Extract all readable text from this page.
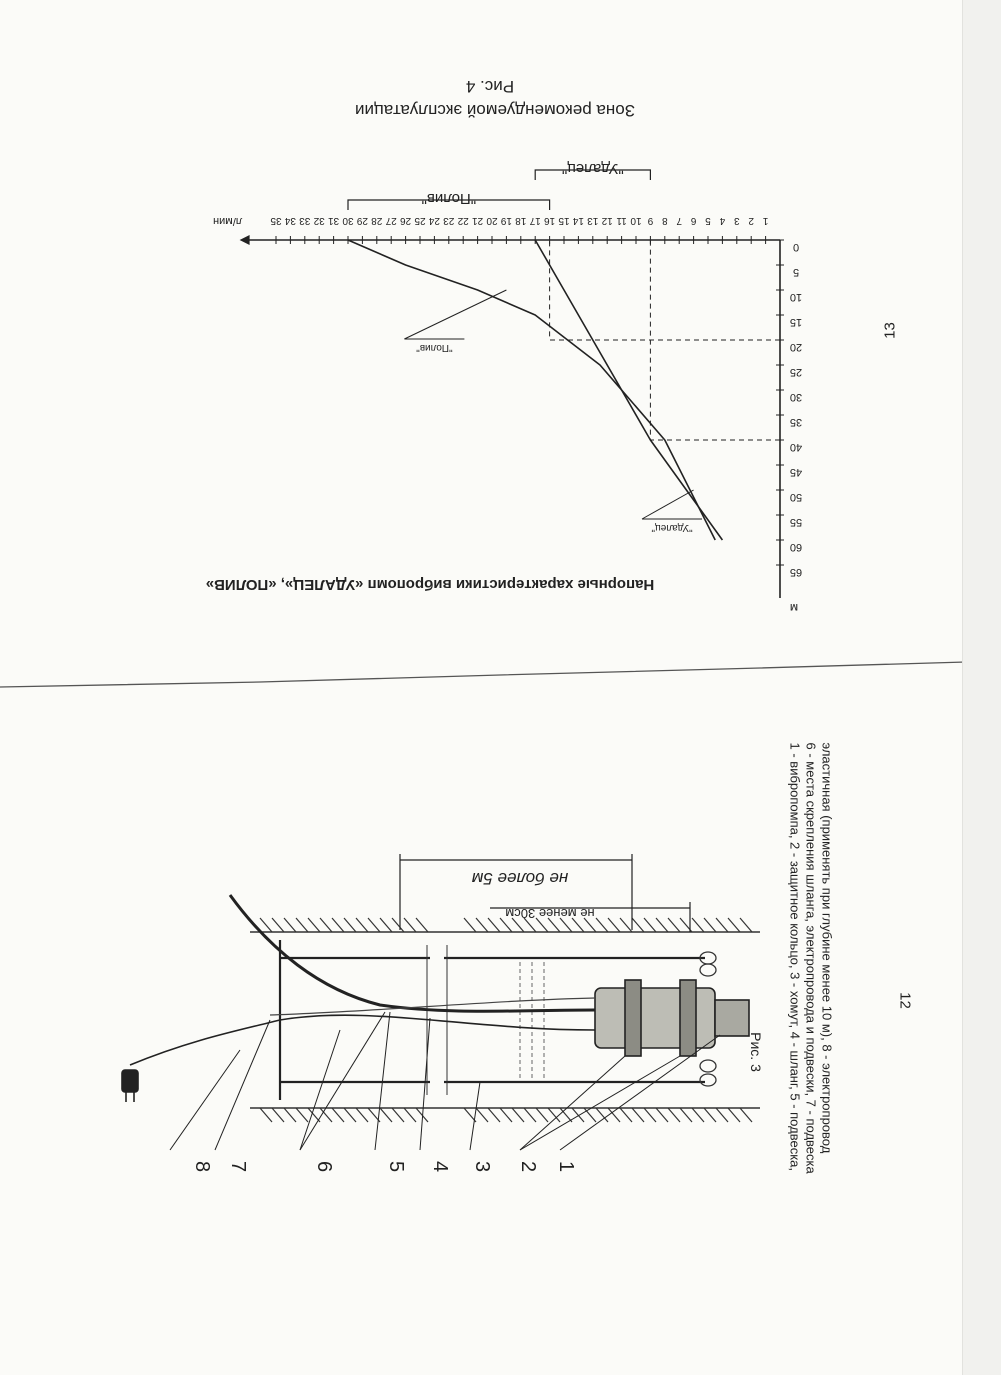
Зона рекомендуемой эксплуатации
Рис. 4
Напорные характеристики вибропомп «УДАЛЕЦ», «ПОЛИВ»
13
1
2
3
4
5
6
7
8
9
10
11
12
13
14
15
16
17
18
19
20
21
22
23
24
25
26
27
28
29
30
31
32
33
34
35
л/мин
0
5
10
15
20
25
30
35
40
45
50
55
60
65
м
"Удалец"
"Полив"
"Удалец"
"Полив"
не более 5м
не менее 30см
8 7	6	5 4 3 2 1
Рис. 3
12
1 - вибропомпа, 2 - защитное кольцо, 3 - хомут, 4 - шланг, 5 - подвеска, 6 - места скрепления шланга, электропровода и подвески, 7 - подвеска эластичная (применять при глубине менее 10 м), 8 - электропровод
